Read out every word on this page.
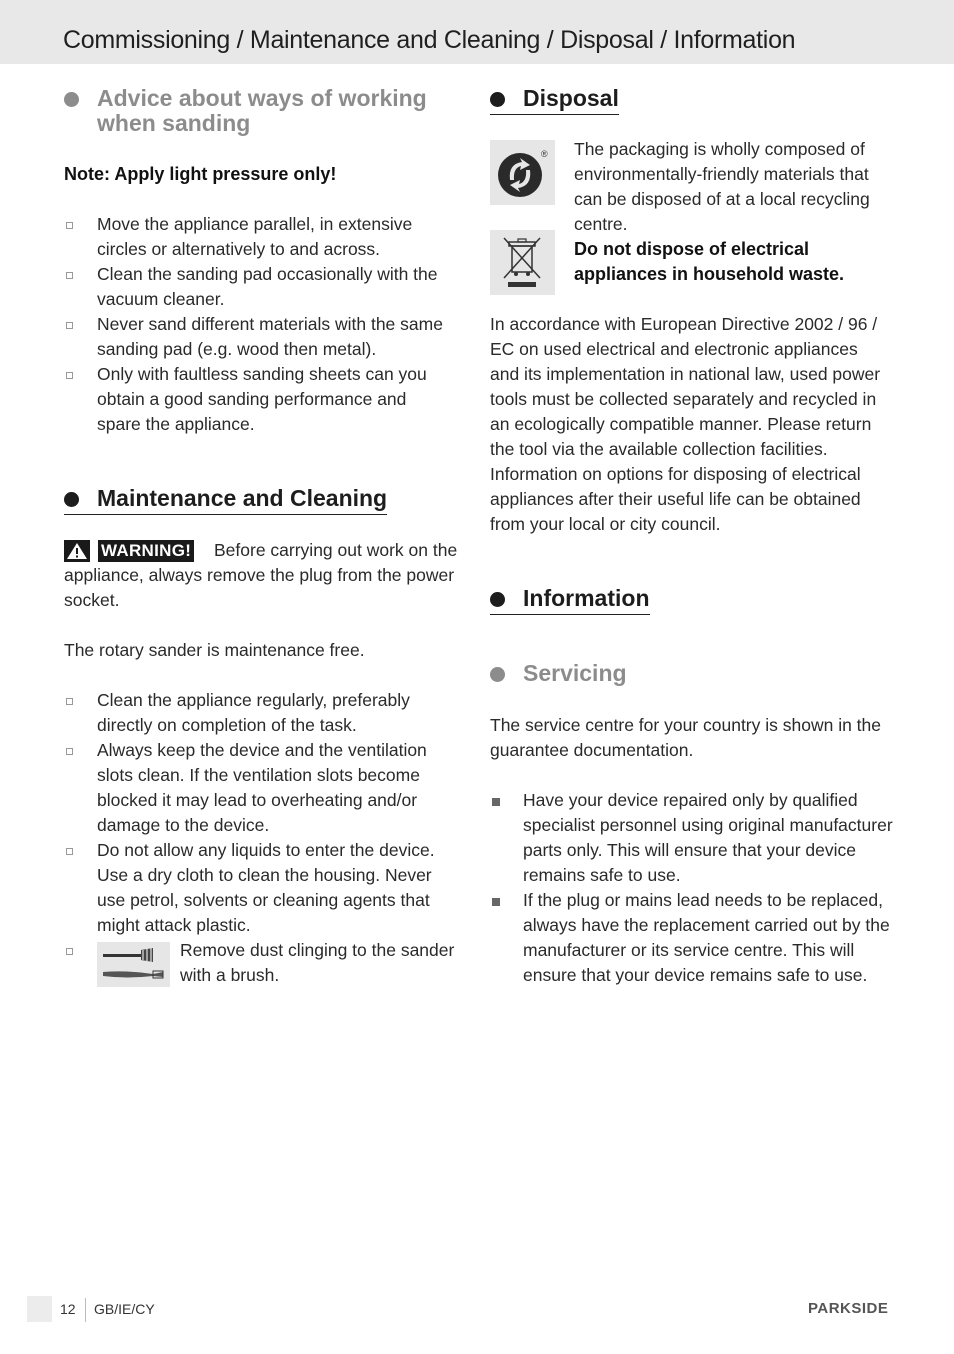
Commissioning / Maintenance and Cleaning / Disposal / Information
Advice about ways of working when sanding

Note: Apply light pressure only!

Move the appliance parallel, in extensive circles or alternatively to and across.
Clean the sanding pad occasionally with the vacuum cleaner.
Never sand different materials with the same sanding pad (e.g. wood then metal).
Only with faultless sanding sheets can you obtain a good sanding performance and spare the appliance.
Maintenance and Cleaning
WARNING!	Before carrying out work on the appliance, always remove the plug from the power socket.

The rotary sander is maintenance free.

Clean the appliance regularly, preferably directly on completion of the task.
Always keep the device and the ventilation slots clean. If the ventilation slots become blocked it may lead to overheating and/or damage to the device.
Do not allow any liquids to enter the device. Use a dry cloth to clean the housing. Never use petrol, solvents or cleaning agents that might attack plastic.

Remove dust clinging to the sander with a brush.

Disposal
® The packaging is wholly composed of environmentally-friendly materials that can be disposed of at a local recycling centre.

Do not dispose of electrical appliances in household waste.

In accordance with European Directive 2002 / 96 / EC on used electrical and electronic appliances and its implementation in national law, used power tools must be collected separately and recycled in an ecologically compatible manner. Please return the tool via the available collection facilities. Information on options for disposing of electrical appliances after their useful life can be obtained from your local or city council.

Information
Servicing

The service centre for your country is shown in the guarantee documentation.

Have your device repaired only by qualified specialist personnel using original manufacturer parts only. This will ensure that your device remains safe to use.
If the plug or mains lead needs to be replaced, always have the replacement carried out by the manufacturer or its service centre. This will ensure that your device remains safe to use.
12 GB/IE/CY	PARKSIDE
